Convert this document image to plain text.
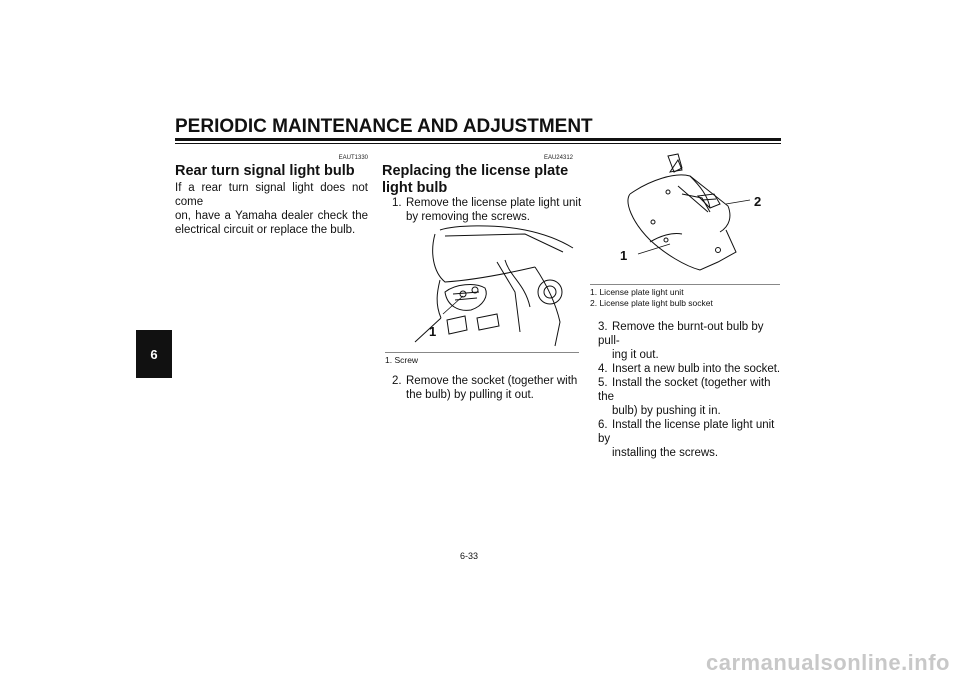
PERIODIC MAINTENANCE AND ADJUSTMENT
6
EAUT1330
Rear turn signal light bulb
If a rear turn signal light does not come
on, have a Yamaha dealer check the
electrical circuit or replace the bulb.
EAU24312
Replacing the license plate
light bulb
1. Remove the license plate light unit
by removing the screws.
1
1. Screw
2. Remove the socket (together with
the bulb) by pulling it out.
2
1
1. License plate light unit
2. License plate light bulb socket
3. Remove the burnt-out bulb by pull-
ing it out.
4. Insert a new bulb into the socket.
5. Install the socket (together with the
bulb) by pushing it in.
6. Install the license plate light unit by
installing the screws.
6-33
carmanualsonline.info
